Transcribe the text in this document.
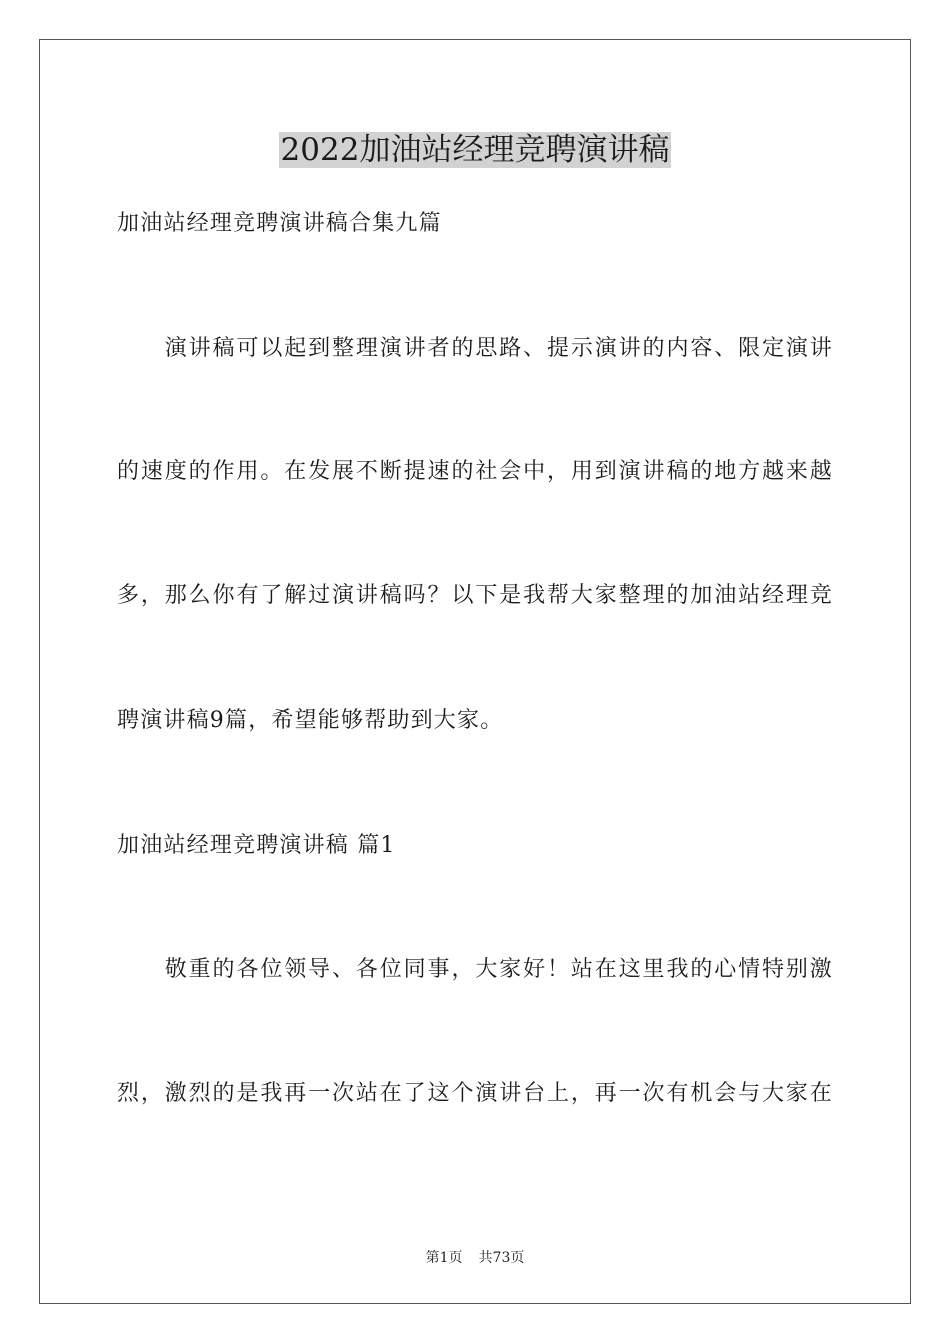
2022加油站经理竞聘演讲稿
加油站经理竞聘演讲稿合集九篇
　　演讲稿可以起到整理演讲者的思路、提示演讲的内容、限定演讲
的速度的作用。在发展不断提速的社会中，用到演讲稿的地方越来越
多，那么你有了解过演讲稿吗？以下是我帮大家整理的加油站经理竞
聘演讲稿9篇，希望能够帮助到大家。
加油站经理竞聘演讲稿 篇1
　　敬重的各位领导、各位同事，大家好！站在这里我的心情特别激
烈，激烈的是我再一次站在了这个演讲台上，再一次有机会与大家在
第1页 共73页
